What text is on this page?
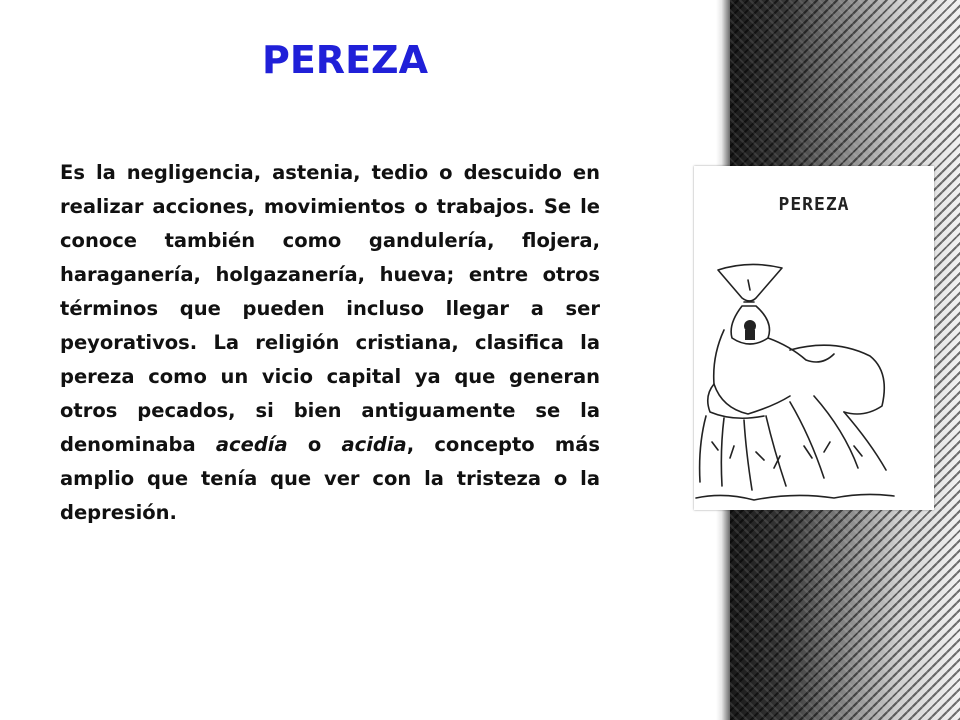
PEREZA

Es la negligencia, astenia, tedio o descuido en realizar acciones, movimientos o trabajos. Se le conoce también como gandulería, flojera, haraganería, holgazanería, hueva; entre otros términos que pueden incluso llegar a ser peyorativos. La religión cristiana, clasifica la pereza como un vicio capital ya que generan otros pecados, si bien antiguamente se la denominaba acedía o acidia, concepto más amplio que tenía que ver con la tristeza o la depresión.

PEREZA
